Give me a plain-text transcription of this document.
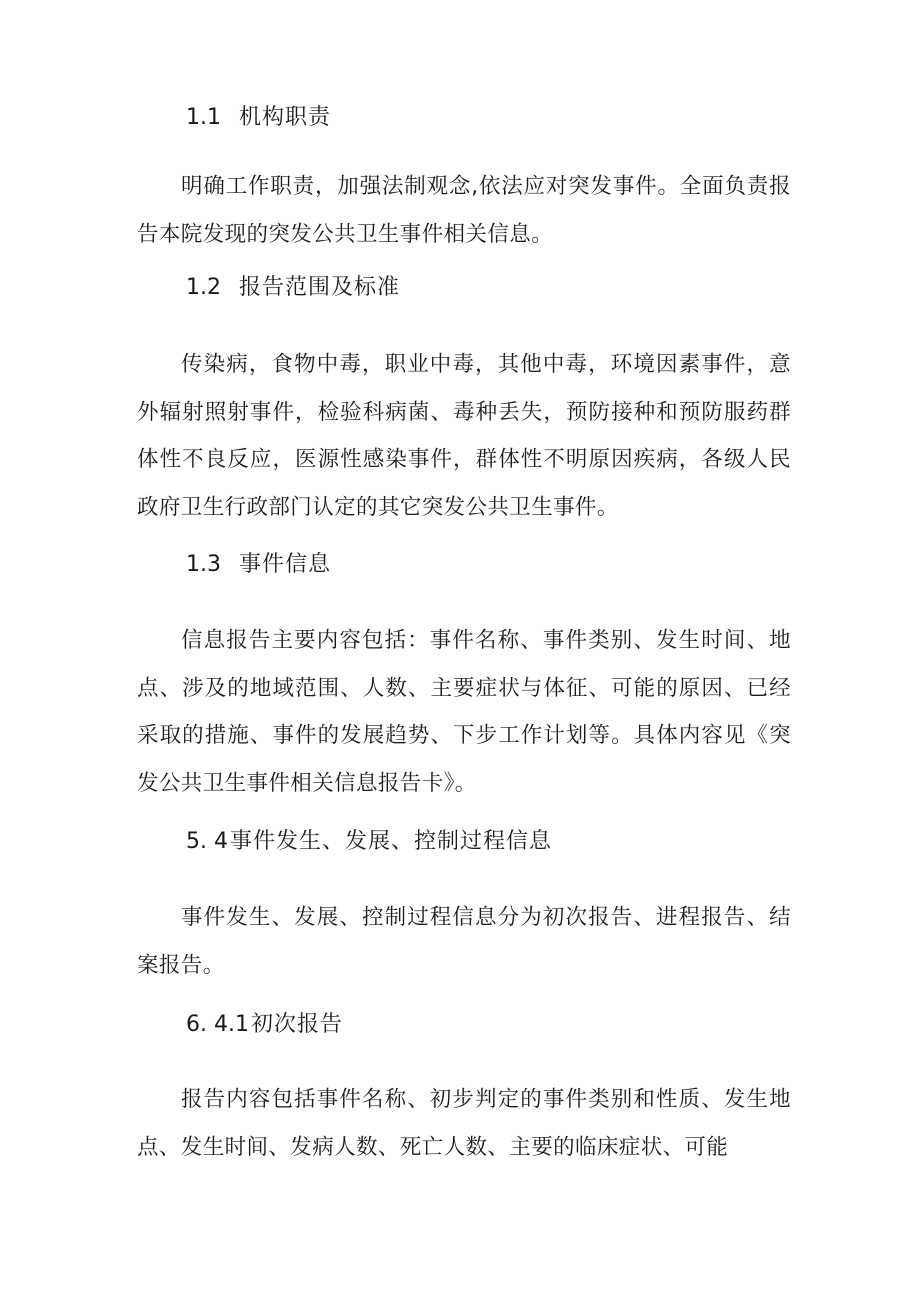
1.1 机构职责

明确工作职责，加强法制观念,依法应对突发事件。全面负责报告本院发现的突发公共卫生事件相关信息。

1.2 报告范围及标准

传染病，食物中毒，职业中毒，其他中毒，环境因素事件，意外辐射照射事件，检验科病菌、毒种丢失，预防接种和预防服药群体性不良反应，医源性感染事件，群体性不明原因疾病，各级人民政府卫生行政部门认定的其它突发公共卫生事件。

1.3 事件信息

信息报告主要内容包括：事件名称、事件类别、发生时间、地点、涉及的地域范围、人数、主要症状与体征、可能的原因、已经采取的措施、事件的发展趋势、下步工作计划等。具体内容见《突发公共卫生事件相关信息报告卡》。

5. 4事件发生、发展、控制过程信息

事件发生、发展、控制过程信息分为初次报告、进程报告、结案报告。

6. 4.1初次报告

报告内容包括事件名称、初步判定的事件类别和性质、发生地点、发生时间、发病人数、死亡人数、主要的临床症状、可能
